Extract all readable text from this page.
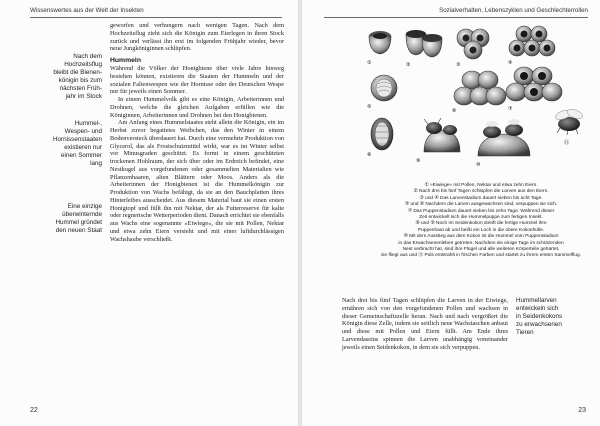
Wissenswertes aus der Welt der Insekten
Nach dem
Hochzeitsflug
bleibt die Bienen-
königin bis zum
nächsten Früh-
jahr im Stock
Hummel-,
Wespen- und
Hornissenstaaten
existieren nur
einen Sommer
lang
Eine einzige
überwinternde
Hummel gründet
den neuen Staat

geworfen und verhungern nach wenigen Tagen. Nach dem Hochzeitsflug zieht sich die Königin zum Eierlegen in ihren Stock zurück und verlässt ihn erst im folgenden Frühjahr wieder, bevor neue Jungköniginnen schlüpfen.

Hummeln

Während die Völker der Honigbiene über viele Jahre hinweg bestehen können, existieren die Staaten der Hummeln und der sozialen Faltenwespen wie der Hornisse oder der Deutschen Wespe nur für jeweils einen Sommer.

In einem Hummelvolk gibt es eine Königin, Arbeiterinnen und Drohnen, welche die gleichen Aufgaben erfüllen wie die Königinnen, Arbeiterinnen und Drohnen bei den Honigbienen.

Am Anfang eines Hummelstaates steht allein die Königin, ein im Herbst zuvor begattetes Weibchen, das den Winter in einem Bodenversteck überdauert hat. Durch eine vermehrte Produktion von Glycerol, das als Frostschutzmittel wirkt, war es im Winter selbst vor Minusgraden geschützt. Es formt in einem geschützten trockenen Hohlraum, der sich über oder im Erdreich befindet, eine Nestkugel aus vorgefundenen oder gesammelten Materialien wie Pflanzenhaaren, alten Blättern oder Moos. Anders als die Arbeiterinnen der Honigbienen ist die Hummelkönigin zur Produktion von Wachs befähigt, da sie an den Bauchplatten ihres Hinterleibes ausscheidet. Aus diesem Material baut sie einen ersten Honigtopf und füllt ihn mit Nektar, der als Futterreserve für kalte oder regnerische Wetterperioden dient. Danach errichtet sie ebenfalls aus Wachs eine sogenannte »Eiwiege«, die sie mit Pollen, Nektar und etwa zehn Eiern versieht und mit einer luftdurchlässigen Wachshaube verschließt.

22
Sozialverhalten, Lebenszyklen und Geschlechterrollen
①	②	③	④
⑤
⑥	⑦
⑧
⑨
⑩
⑪
① »Eiwiege« mit Pollen, Nektar und etwa zehn Eiern.
② Nach drei bis fünf Tagen schlüpfen die Larven aus den Eiern.
③ und ④ Das Larvenstadium dauert sieben bis acht Tage.
⑤ und ⑥ Nachdem die Larven ausgewachsen sind, verpuppen sie sich.
⑦ Das Puppenstadium dauert sieben bis zehn Tage. Während dieser
Zeit entwickelt sich die Hummelpuppe zum fertigen Insekt.
⑧ und ⑨ Noch im Seidenkokon streift die fertige Hummel ihre
Puppenhaut ab und beißt ein Loch in die obere Kokonhülle.
⑩ Mit dem Ausstieg aus dem Kokon ist die Hummel vom Puppenstadium
in das Erwachsenenleben getreten. Nachdem sie einige Tage im schützenden
Nest verbracht hat, sind ihre Flügel und alle weiteren Körperteile gehärtet,
sie fliegt aus und ⑪ Puls entstrahlt in frischen Farben und startet zu ihrem ersten Sammelflug.

Nach drei bis fünf Tagen schlüpfen die Larven in der Eiwiege, ernähren sich von den vorgefundenen Pollen und wachsen in dieser Gemeinschaftszelle heran. Nach und nach vergrößert die Königin diese Zelle, indem sie seitlich neue Wachstaschen anbaut und diese mit Pollen und Eiern füllt. Am Ende ihres Larvendaseins spinnen die Larven unabhängig voneinander jeweils einen Seidenkokon, in dem sie sich verpuppen.

Hummellarven
entwickeln sich
in Seidenkokons
zu erwachsenen
Tieren
23
